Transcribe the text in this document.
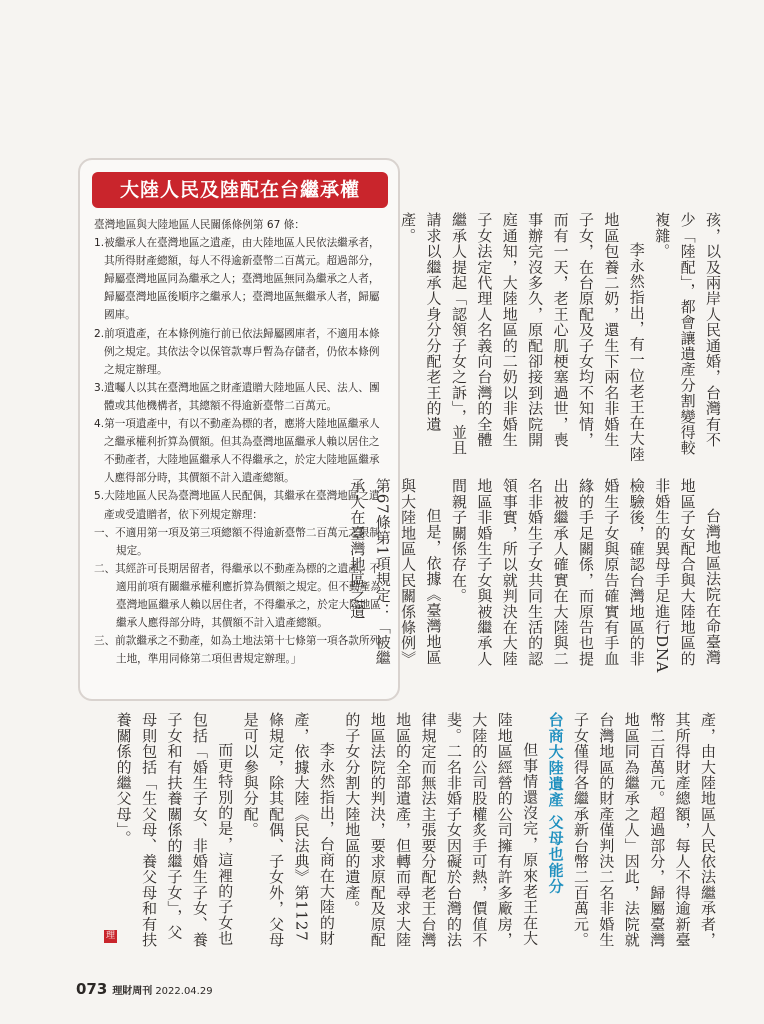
大陸人民及陸配在台繼承權

臺灣地區與大陸地區人民關係條例第 67 條：

1.被繼承人在臺灣地區之遺產，由大陸地區人民依法繼承者，其所得財產總額，每人不得逾新臺幣二百萬元。超過部分，歸屬臺灣地區同為繼承之人；臺灣地區無同為繼承之人者，歸屬臺灣地區後順序之繼承人；臺灣地區無繼承人者，歸屬國庫。

2.前項遺產，在本條例施行前已依法歸屬國庫者，不適用本條例之規定。其依法令以保管款專戶暫為存儲者，仍依本條例之規定辦理。

3.遺囑人以其在臺灣地區之財產遺贈大陸地區人民、法人、團體或其他機構者，其總額不得逾新臺幣二百萬元。

4.第一項遺產中，有以不動產為標的者，應將大陸地區繼承人之繼承權利折算為價額。但其為臺灣地區繼承人賴以居住之不動產者，大陸地區繼承人不得繼承之，於定大陸地區繼承人應得部分時，其價額不計入遺產總額。

5.大陸地區人民為臺灣地區人民配偶，其繼承在臺灣地區之遺產或受遺贈者，依下列規定辦理：

一、不適用第一項及第三項總額不得逾新臺幣二百萬元之限制規定。

二、其經許可長期居留者，得繼承以不動產為標的之遺產，不適用前項有關繼承權利應折算為價額之規定。但不動產為臺灣地區繼承人賴以居住者，不得繼承之，於定大陸地區繼承人應得部分時，其價額不計入遺產總額。

三、前款繼承之不動產，如為土地法第十七條第一項各款所列土地，準用同條第二項但書規定辦理。」

孩，以及兩岸人民通婚，台灣有不少「陸配」，都會讓遺產分割變得較複雜。

李永然指出，有一位老王在大陸地區包養二奶，還生下兩名非婚生子女，在台原配及子女均不知情，而有一天，老王心肌梗塞過世，喪事辦完沒多久，原配卻接到法院開庭通知，大陸地區的二奶以非婚生子女法定代理人名義向台灣的全體繼承人提起「認領子女之訴」，並且請求以繼承人身分分配老王的遺產。

台灣地區法院在命臺灣地區子女配合與大陸地區的非婚生的異母手足進行DNA檢驗後，確認台灣地區的非婚生子女與原告確實有手血緣的手足關係，而原告也提出被繼承人確實在大陸與二名非婚生子女共同生活的認領事實，所以就判決在大陸地區非婚生子女與被繼承人間親子關係存在。

但是，依據《臺灣地區與大陸地區人民關係條例》第67條第1項規定：「被繼承人在臺灣地區之遺

產，由大陸地區人民依法繼承者，其所得財產總額，每人不得逾新臺幣二百萬元。超過部分，歸屬臺灣地區同為繼承之人」因此，法院就台灣地區的財產僅判決二名非婚生子女僅得各繼承新台幣二百萬元。

台商大陸遺產 父母也能分

但事情還沒完，原來老王在大陸地區經營的公司擁有許多廠房，大陸的公司股權炙手可熱，價值不斐。二名非婚子女因礙於台灣的法律規定而無法主張要分配老王台灣地區的全部遺產，但轉而尋求大陸地區法院的判決，要求原配及原配的子女分割大陸地區的遺產。

李永然指出，台商在大陸的財產，依據大陸《民法典》第1127條規定，除其配偶、子女外，父母是可以參與分配。

而更特別的是，這裡的子女也包括「婚生子女、非婚生子女、養子女和有扶養關係的繼子女」，父母則包括「生父母、養父母和有扶養關係的繼父母」。

理
073 理財周刊 2022.04.29
